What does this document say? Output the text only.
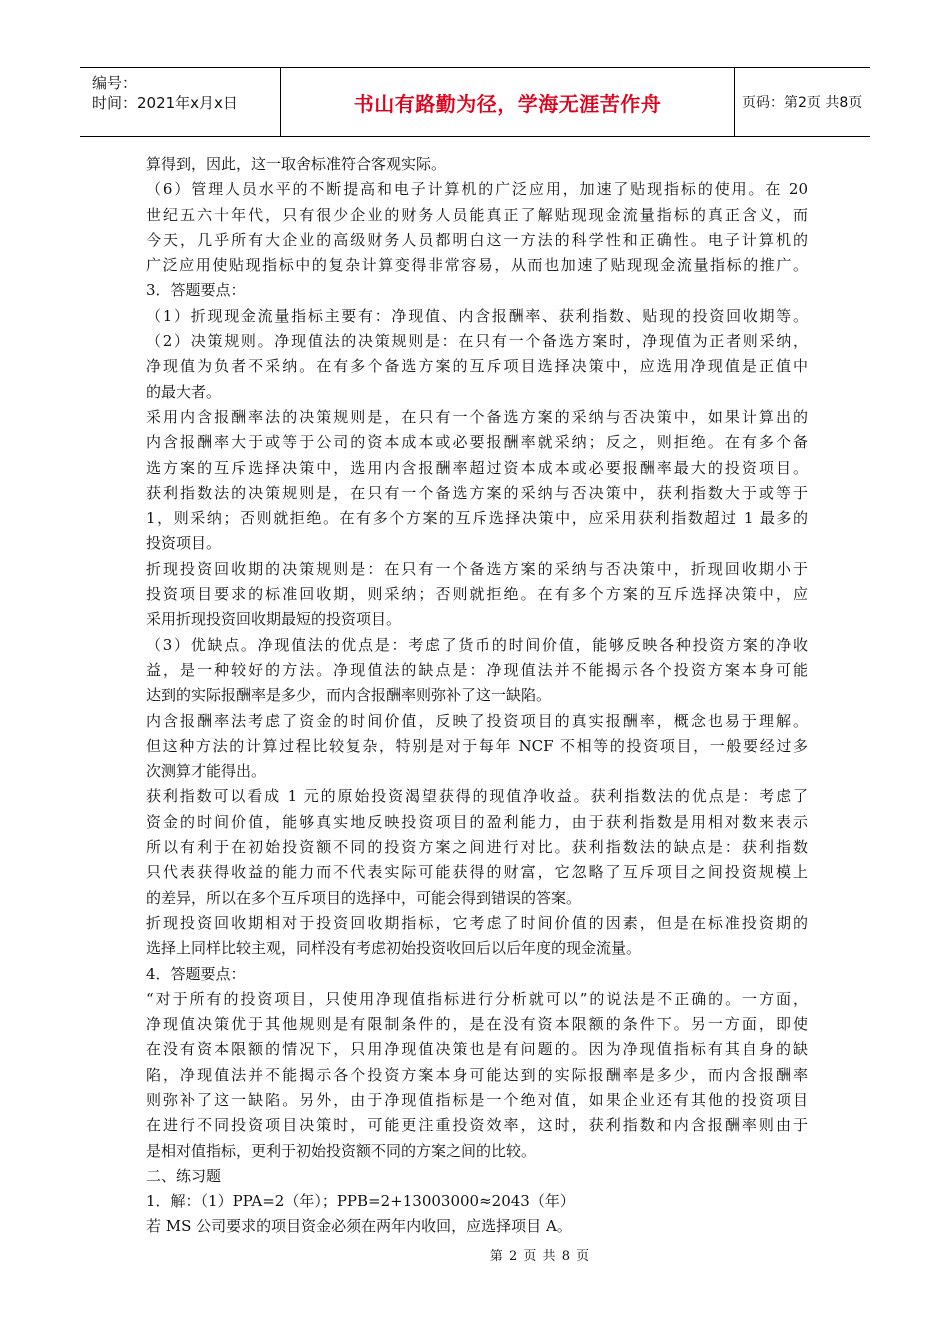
编号：
时间：2021年x月x日	书山有路勤为径，学海无涯苦作舟	页码：第2页 共8页
算得到，因此，这一取舍标准符合客观实际。
（6）管理人员水平的不断提高和电子计算机的广泛应用，加速了贴现指标的使用。在 20
世纪五六十年代，只有很少企业的财务人员能真正了解贴现现金流量指标的真正含义，而
今天，几乎所有大企业的高级财务人员都明白这一方法的科学性和正确性。电子计算机的
广泛应用使贴现指标中的复杂计算变得非常容易，从而也加速了贴现现金流量指标的推广。
3．答题要点：
（1）折现现金流量指标主要有：净现值、内含报酬率、获利指数、贴现的投资回收期等。
（2）决策规则。净现值法的决策规则是：在只有一个备选方案时，净现值为正者则采纳，
净现值为负者不采纳。在有多个备选方案的互斥项目选择决策中，应选用净现值是正值中
的最大者。
采用内含报酬率法的决策规则是，在只有一个备选方案的采纳与否决策中，如果计算出的
内含报酬率大于或等于公司的资本成本或必要报酬率就采纳；反之，则拒绝。在有多个备
选方案的互斥选择决策中，选用内含报酬率超过资本成本或必要报酬率最大的投资项目。
获利指数法的决策规则是，在只有一个备选方案的采纳与否决策中，获利指数大于或等于
1，则采纳；否则就拒绝。在有多个方案的互斥选择决策中，应采用获利指数超过 1 最多的
投资项目。
折现投资回收期的决策规则是：在只有一个备选方案的采纳与否决策中，折现回收期小于
投资项目要求的标准回收期，则采纳；否则就拒绝。在有多个方案的互斥选择决策中，应
采用折现投资回收期最短的投资项目。
（3）优缺点。净现值法的优点是：考虑了货币的时间价值，能够反映各种投资方案的净收
益，是一种较好的方法。净现值法的缺点是：净现值法并不能揭示各个投资方案本身可能
达到的实际报酬率是多少，而内含报酬率则弥补了这一缺陷。
内含报酬率法考虑了资金的时间价值，反映了投资项目的真实报酬率，概念也易于理解。
但这种方法的计算过程比较复杂，特别是对于每年 NCF 不相等的投资项目，一般要经过多
次测算才能得出。
获利指数可以看成 1 元的原始投资渴望获得的现值净收益。获利指数法的优点是：考虑了
资金的时间价值，能够真实地反映投资项目的盈利能力，由于获利指数是用相对数来表示
所以有利于在初始投资额不同的投资方案之间进行对比。获利指数法的缺点是：获利指数
只代表获得收益的能力而不代表实际可能获得的财富，它忽略了互斥项目之间投资规模上
的差异，所以在多个互斥项目的选择中，可能会得到错误的答案。
折现投资回收期相对于投资回收期指标，它考虑了时间价值的因素，但是在标准投资期的
选择上同样比较主观，同样没有考虑初始投资收回后以后年度的现金流量。
4．答题要点：
“对于所有的投资项目，只使用净现值指标进行分析就可以”的说法是不正确的。一方面，
净现值决策优于其他规则是有限制条件的，是在没有资本限额的条件下。另一方面，即使
在没有资本限额的情况下，只用净现值决策也是有问题的。因为净现值指标有其自身的缺
陷，净现值法并不能揭示各个投资方案本身可能达到的实际报酬率是多少，而内含报酬率
则弥补了这一缺陷。另外，由于净现值指标是一个绝对值，如果企业还有其他的投资项目
在进行不同投资项目决策时，可能更注重投资效率，这时，获利指数和内含报酬率则由于
是相对值指标，更利于初始投资额不同的方案之间的比较。
二、练习题
1．解：（1）PPA=2（年）；PPB=2+13003000≈2043（年）
若 MS 公司要求的项目资金必须在两年内收回，应选择项目 A。
第 2 页 共 8 页
